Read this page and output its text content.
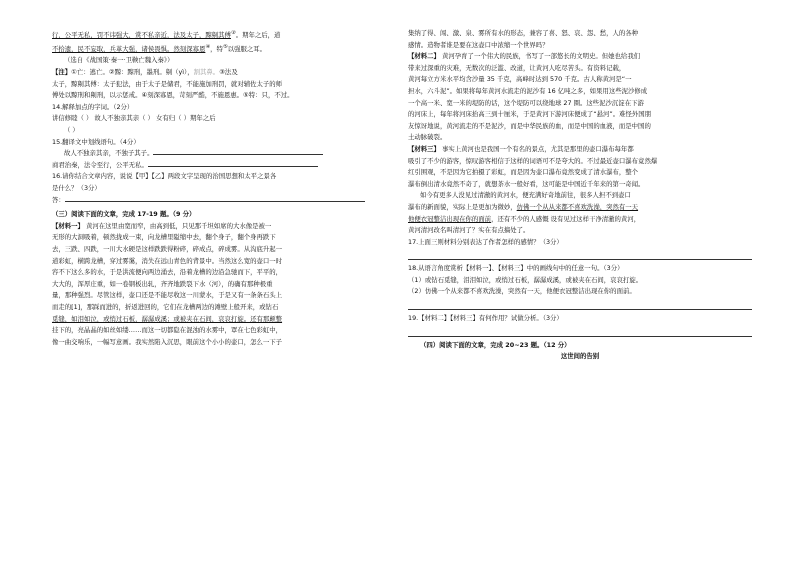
行，公平无私，罚不讳强大，赏不私亲近，法及太子，黥劓其傅②。期年之后，道

不拾遗，民不妄取，兵革大强，诸侯畏惧。然刻深寡恩④，特⑤以强服之耳。

（选自《战国策·秦一·卫鞅亡魏入秦》）

【注】①亡：逃亡。②黥：黥刑，墨刑。劓（yì），割其鼻。③法及

太子，黥劓其傅：太子犯法，由于太子是储君，不能施加刑罚，就对辅佐太子的师

傅处以黥刑和劓刑，以示惩戒。④刻深寡恩，苛刻严酷，不施恩惠。⑤特：只，不过。

14.解释加点的字词。（2分）

讲信修睦（ ） 故人不独亲其亲（ ） 女有归（ ）期年之后

（ ）

15.翻译文中划线语句。（4分）

故人不独亲其亲，不独子其子。

商君治秦，法令至行，公平无私。

16.请你结合文章内容，说说【甲】【乙】两段文字呈现的治国思想和太平之景各

是什么？（3分）

答：

（三）阅读下面的文章，完成 17-19 题。（9 分）

【材料一】 黄河在这里由宽而窄，由高到低，只见那千坦如席的大水像是被一

无形的大洞吸着，顿然拢成一束，向龙槽里隘缩中去，翻个身子，翻个身再跌下

去，三跌、四跌，一川大水硬是这样跌跌得粉碎，碎成点，碎成雾。从沟底升起一

道彩虹，横跨龙槽，穿过雾霭，消失在远山青色的背景中。当然这么宽的壶口一时

容不下这么多的水，于是洪流便向两边涌去，沿着龙槽的边沿急驰而下，平平的，

大大的，浑厚庄重，如一卷钢板出轧，齐齐地跌裂下水（河），的确有那种极重

量，那种强烈。尽管这样，壶口还是不能尽收这一川蒙水，于是又有一条条石头上

而走的[1]，那踩而进的，折返进回的，它们在龙槽两边的滩壁上般开来，或钻石

觅缝，如泪如泣，或悄过石板，潺潺成溪；或被夹在石间，哀哀打旋。还有那颠整

挂下的，亮晶晶的如丝如缕……而这一切都隐在混浊的水雾中，罩在七色彩虹中，

像一曲交响乐，一幅写意画。我实然陷入沉思，眼前这个小小的壶口，怎么一下子

集纳了得、闯、激、泉、雾所有水的形态，兼容了喜、怒、哀、怨、愁，人的各种

感情。造物者谁是要在这壶口中浓缩一个世界吗？

【材料二】 黄河孕育了一个伟大的民族，书写了一部悠长的文明史。但她也给我们

带来过深重的灾难，无数次的泛滥、改道，让黄河人吃尽苦头。有资料记载，

黄河每立方米水平均含沙量 35 千克，高峰时达到 570 千克。古人称黄河是“一

担水，六斗泥”。如果将每年黄河水流走的泥沙有 16 亿吨之多，如果用这些泥沙修成

一个高一米、宽一米的堤防的话，这个堤防可以绕地球 27 圈。这些泥沙沉淀在下游

的河床上，每年将河床抬高三到十厘米，于是黄河下游河床便成了“悬河”。难怪外国朋

友惊讶地说，黄河流走的不是泥沙，而是中华民族的血，而是中国的血液，而是中国的

土动脉破裂。

【材料三】 事实上黄河也是我国一个有名的景点，尤其是那里的壶口瀑布每年都

吸引了不少的游客，惊叹游客相信于这样的词语可不是夸大的。不过最近壶口瀑布竟然爆

红引围观，不是因为它拍摄了彩虹，而是因为壶口瀑布竟然变成了清水瀑布，整个

瀑布倒出清水竟然不奇了，就想茶水一般好看，这可能是中国近千年来的第一奇闻。

如今有更多人没见过清澈的黄河水，便充满好奇地前往，很多人担不到壶口

瀑布的新面貌，实际上是更加为微妙，仿佛一个从从来都不喜欢洗澡，突然有一天

他便衣冠整洁出现在你的面前，还有不少的人感慨 设有见过这样干净清澈的黄河，

黄河清河改名叫清河了？实在有点搞处了。

17.上面三则材料分别表达了作者怎样的感情？（3分）

18.从语言角度赏析【材料一】、【材料三】中的画线句中的任意一句。（3分）

（1）或钻石觅缝，泪泪如泣，或悄过石板，潺潺成溪，或被夹在石间，哀哀打旋。

（2）仿佛一个从来都不喜欢洗澡，突然有一天，他便衣冠整洁出现在你的面前。

19.【材料二】【材料三】有何作用？试做分析。（3分）

（四）阅读下面的文章，完成 20~23 题。（12 分）

这世间的告别
